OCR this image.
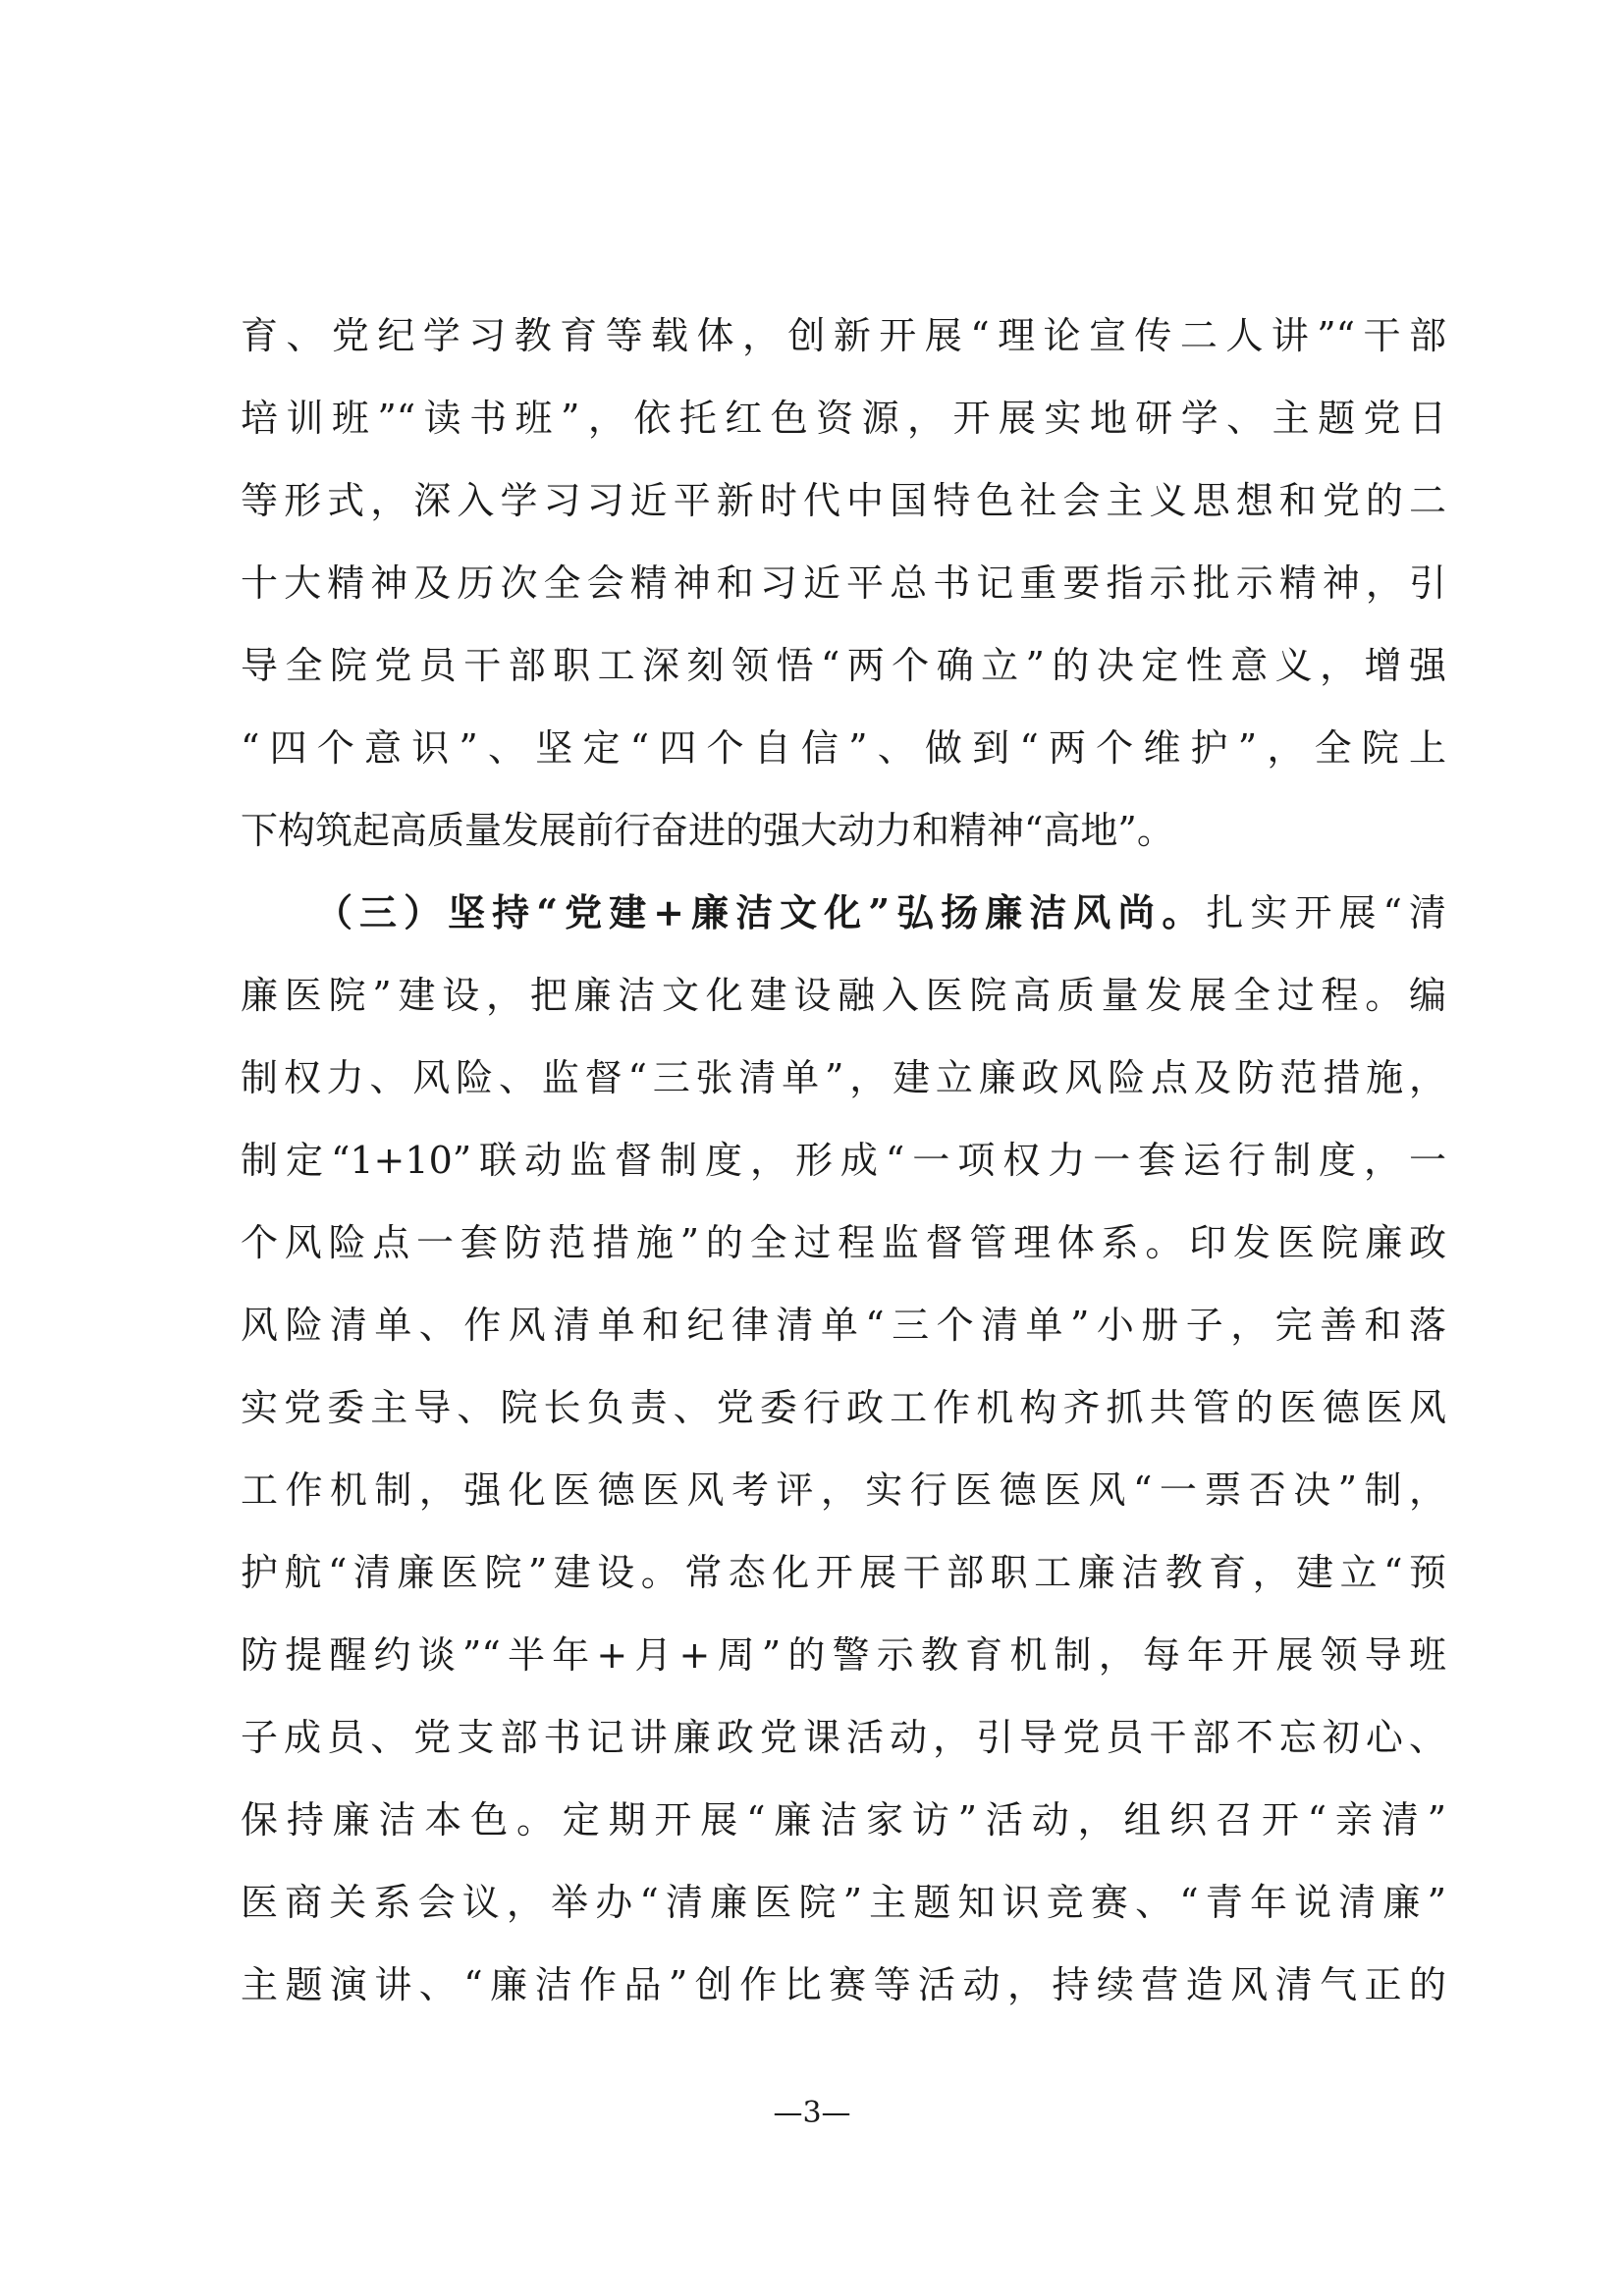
育、党纪学习教育等载体，创新开展“理论宣传二人讲”“干部
培训班”“读书班”，依托红色资源，开展实地研学、主题党日
等形式，深入学习习近平新时代中国特色社会主义思想和党的二
十大精神及历次全会精神和习近平总书记重要指示批示精神，引
导全院党员干部职工深刻领悟“两个确立”的决定性意义，增强
“四个意识”、坚定“四个自信”、做到“两个维护”，全院上
下构筑起高质量发展前行奋进的强大动力和精神“高地”。
（三）坚持“党建+廉洁文化”弘扬廉洁风尚。扎实开展“清
廉医院”建设，把廉洁文化建设融入医院高质量发展全过程。编
制权力、风险、监督“三张清单”，建立廉政风险点及防范措施，
制定“1+10”联动监督制度，形成“一项权力一套运行制度，一
个风险点一套防范措施”的全过程监督管理体系。印发医院廉政
风险清单、作风清单和纪律清单“三个清单”小册子，完善和落
实党委主导、院长负责、党委行政工作机构齐抓共管的医德医风
工作机制，强化医德医风考评，实行医德医风“一票否决”制，
护航“清廉医院”建设。常态化开展干部职工廉洁教育，建立“预
防提醒约谈”“半年+月+周”的警示教育机制，每年开展领导班
子成员、党支部书记讲廉政党课活动，引导党员干部不忘初心、
保持廉洁本色。定期开展“廉洁家访”活动，组织召开“亲清”
医商关系会议，举办“清廉医院”主题知识竞赛、“青年说清廉”
主题演讲、“廉洁作品”创作比赛等活动，持续营造风清气正的
—3—
